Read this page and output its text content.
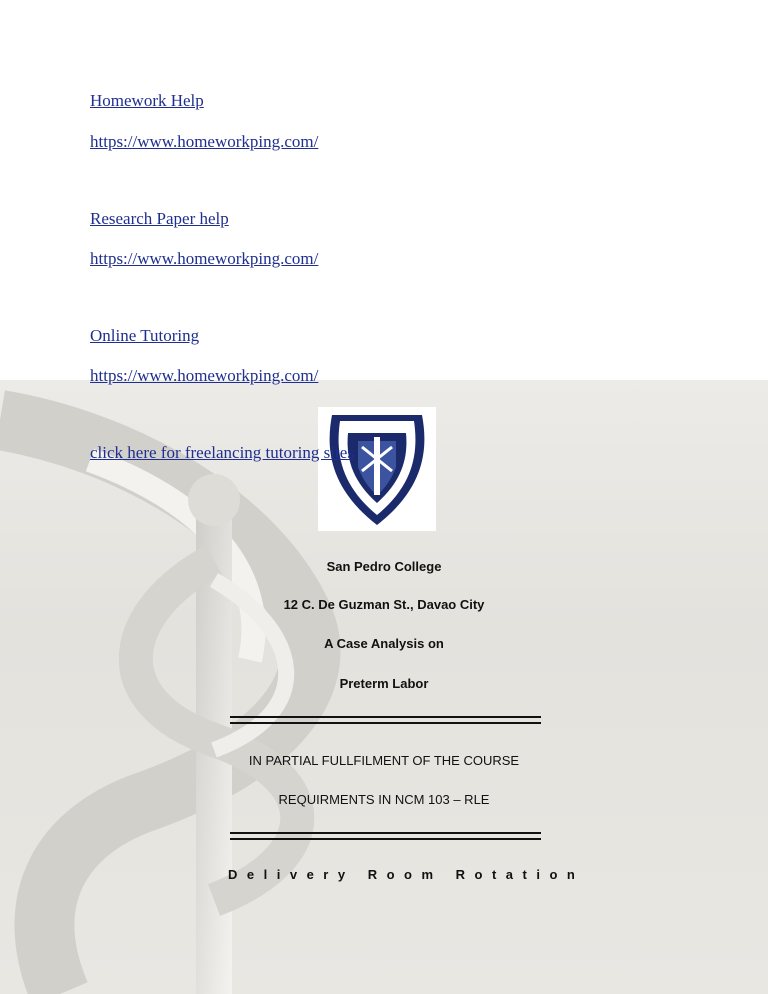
Homework Help
https://www.homeworkping.com/
Research Paper help
https://www.homeworkping.com/
Online Tutoring
https://www.homeworkping.com/
click here for freelancing tutoring sites
San Pedro College
12 C. De Guzman St., Davao City
A Case Analysis on
Preterm Labor
IN PARTIAL FULLFILMENT OF THE COURSE
REQUIRMENTS IN NCM 103 – RLE
Delivery Room Rotation
